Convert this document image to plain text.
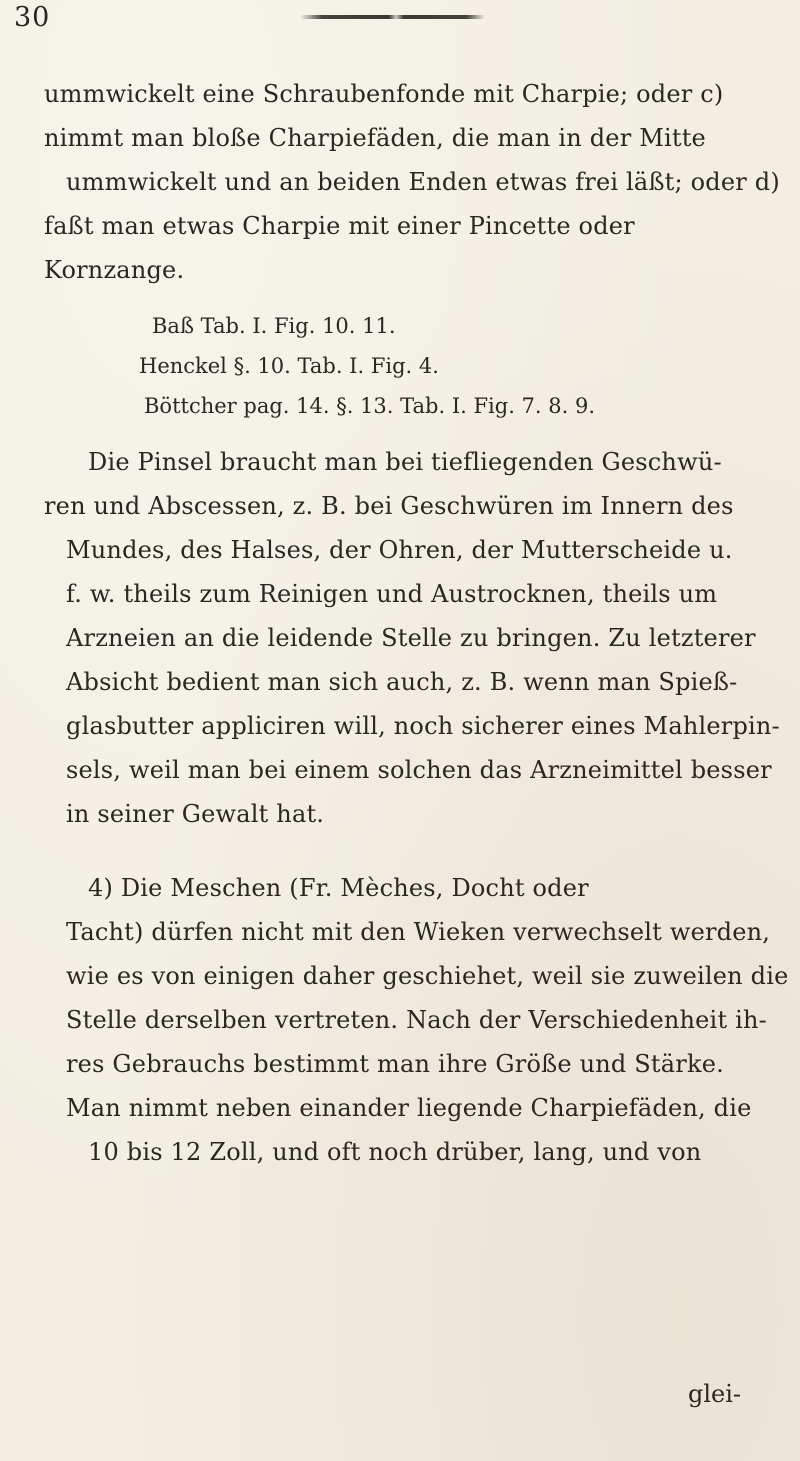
30
ummwickelt eine Schraubenfonde mit Charpie; oder c)
nimmt man bloße Charpiefäden, die man in der Mitte
ummwickelt und an beiden Enden etwas frei läßt; oder d)
faßt man etwas Charpie mit einer Pincette oder
Kornzange.
Baß Tab. I. Fig. 10. 11.
Henckel §. 10. Tab. I. Fig. 4.
Böttcher pag. 14. §. 13. Tab. I. Fig. 7. 8. 9.
Die Pinsel braucht man bei tiefliegenden Geschwü-
ren und Abscessen, z. B. bei Geschwüren im Innern des
Mundes, des Halses, der Ohren, der Mutterscheide u.
f. w. theils zum Reinigen und Austrocknen, theils um
Arzneien an die leidende Stelle zu bringen. Zu letzterer
Absicht bedient man sich auch, z. B. wenn man Spieß-
glasbutter appliciren will, noch sicherer eines Mahlerpin-
sels, weil man bei einem solchen das Arzneimittel besser
in seiner Gewalt hat.
4) Die Meschen (Fr. Mèches, Docht oder
Tacht) dürfen nicht mit den Wieken verwechselt werden,
wie es von einigen daher geschiehet, weil sie zuweilen die
Stelle derselben vertreten. Nach der Verschiedenheit ih-
res Gebrauchs bestimmt man ihre Größe und Stärke.
Man nimmt neben einander liegende Charpiefäden, die
10 bis 12 Zoll, und oft noch drüber, lang, und von
glei-
